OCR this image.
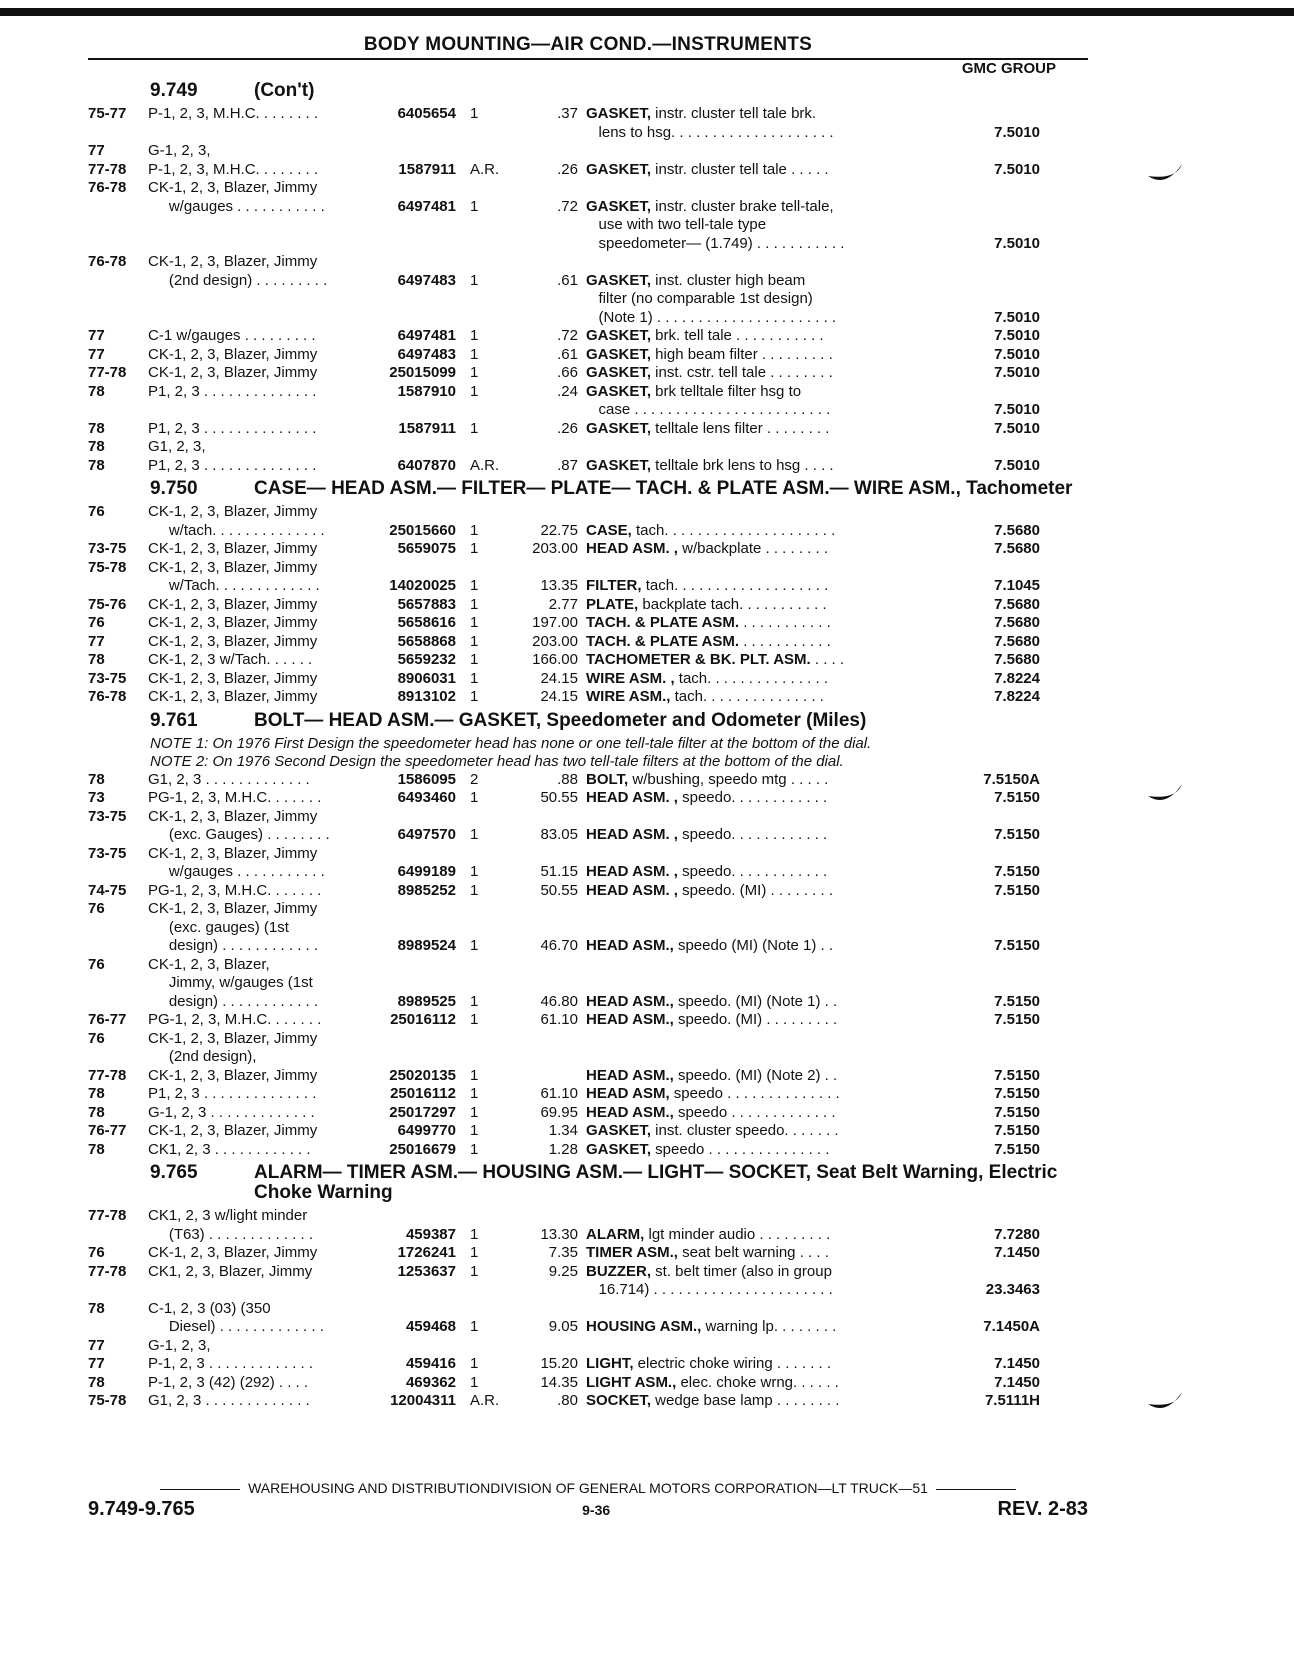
BODY MOUNTING—AIR COND.—INSTRUMENTS
GMC GROUP
9.749	(Con't)
75-77	P-1, 2, 3, M.H.C. . . . . . . .	6405654 1	.37 GASKET, instr. cluster tell tale brk.
lens to hsg. . . . . . . . . . . . . . . . . . . .	7.5010
77	G-1, 2, 3,
77-78	P-1, 2, 3, M.H.C. . . . . . . .	1587911 A.R.	.26 GASKET, instr. cluster tell tale . . . . .	7.5010
76-78	CK-1, 2, 3, Blazer, Jimmy
w/gauges . . . . . . . . . . .	6497481 1	.72 GASKET, instr. cluster brake tell-tale,
use with two tell-tale type
speedometer— (1.749) . . . . . . . . . . .	7.5010
76-78	CK-1, 2, 3, Blazer, Jimmy
(2nd design) . . . . . . . . .	6497483 1	.61 GASKET, inst. cluster high beam
filter (no comparable 1st design)
(Note 1) . . . . . . . . . . . . . . . . . . . . . .	7.5010
77	C-1 w/gauges . . . . . . . . .	6497481 1	.72 GASKET, brk. tell tale . . . . . . . . . . .	7.5010
77	CK-1, 2, 3, Blazer, Jimmy	6497483 1	.61 GASKET, high beam filter . . . . . . . . .	7.5010
77-78	CK-1, 2, 3, Blazer, Jimmy	25015099 1	.66 GASKET, inst. cstr. tell tale . . . . . . . .	7.5010
78	P1, 2, 3 . . . . . . . . . . . . . .	1587910 1	.24 GASKET, brk telltale filter hsg to
case . . . . . . . . . . . . . . . . . . . . . . . .	7.5010
78	P1, 2, 3 . . . . . . . . . . . . . .	1587911 1	.26 GASKET, telltale lens filter . . . . . . . .	7.5010
78	G1, 2, 3,
78	P1, 2, 3 . . . . . . . . . . . . . .	6407870 A.R.	.87 GASKET, telltale brk lens to hsg . . . .	7.5010
9.750	CASE— HEAD ASM.— FILTER— PLATE— TACH. & PLATE ASM.— WIRE ASM., Tachometer
76	CK-1, 2, 3, Blazer, Jimmy
w/tach. . . . . . . . . . . . . .	25015660 1	22.75 CASE, tach. . . . . . . . . . . . . . . . . . . . .	7.5680
73-75	CK-1, 2, 3, Blazer, Jimmy	5659075 1	203.00 HEAD ASM. , w/backplate . . . . . . . .	7.5680
75-78	CK-1, 2, 3, Blazer, Jimmy
w/Tach. . . . . . . . . . . . .	14020025 1	13.35 FILTER, tach. . . . . . . . . . . . . . . . . . .	7.1045
75-76	CK-1, 2, 3, Blazer, Jimmy	5657883 1	2.77 PLATE, backplate tach. . . . . . . . . . .	7.5680
76	CK-1, 2, 3, Blazer, Jimmy	5658616 1	197.00 TACH. & PLATE ASM. . . . . . . . . . . .	7.5680
77	CK-1, 2, 3, Blazer, Jimmy	5658868 1	203.00 TACH. & PLATE ASM. . . . . . . . . . . .	7.5680
78	CK-1, 2, 3 w/Tach. . . . . .	5659232 1	166.00 TACHOMETER & BK. PLT. ASM. . . . .	7.5680
73-75	CK-1, 2, 3, Blazer, Jimmy	8906031 1	24.15 WIRE ASM. , tach. . . . . . . . . . . . . . .	7.8224
76-78	CK-1, 2, 3, Blazer, Jimmy	8913102 1	24.15 WIRE ASM., tach. . . . . . . . . . . . . . .	7.8224
9.761	BOLT— HEAD ASM.— GASKET, Speedometer and Odometer (Miles)
NOTE 1: On 1976 First Design the speedometer head has none or one tell-tale filter at the bottom of the dial.
NOTE 2: On 1976 Second Design the speedometer head has two tell-tale filters at the bottom of the dial.
78	G1, 2, 3 . . . . . . . . . . . . .	1586095 2	.88 BOLT, w/bushing, speedo mtg . . . . .	7.5150A
73	PG-1, 2, 3, M.H.C. . . . . . .	6493460 1	50.55 HEAD ASM. , speedo. . . . . . . . . . . .	7.5150
73-75	CK-1, 2, 3, Blazer, Jimmy
(exc. Gauges) . . . . . . . .	6497570 1	83.05 HEAD ASM. , speedo. . . . . . . . . . . .	7.5150
73-75	CK-1, 2, 3, Blazer, Jimmy
w/gauges . . . . . . . . . . .	6499189 1	51.15 HEAD ASM. , speedo. . . . . . . . . . . .	7.5150
74-75	PG-1, 2, 3, M.H.C. . . . . . .	8985252 1	50.55 HEAD ASM. , speedo. (MI) . . . . . . . .	7.5150
76	CK-1, 2, 3, Blazer, Jimmy
(exc. gauges) (1st
design) . . . . . . . . . . . .	8989524 1	46.70 HEAD ASM., speedo (MI) (Note 1) . .	7.5150
76	CK-1, 2, 3, Blazer,
Jimmy, w/gauges (1st
design) . . . . . . . . . . . .	8989525 1	46.80 HEAD ASM., speedo. (MI) (Note 1) . .	7.5150
76-77	PG-1, 2, 3, M.H.C. . . . . . .	25016112 1	61.10 HEAD ASM., speedo. (MI) . . . . . . . . .	7.5150
76	CK-1, 2, 3, Blazer, Jimmy
(2nd design),
77-78	CK-1, 2, 3, Blazer, Jimmy	25020135 1	HEAD ASM., speedo. (MI) (Note 2) . .	7.5150
78	P1, 2, 3 . . . . . . . . . . . . . .	25016112 1	61.10 HEAD ASM, speedo . . . . . . . . . . . . . .	7.5150
78	G-1, 2, 3 . . . . . . . . . . . . .	25017297 1	69.95 HEAD ASM., speedo . . . . . . . . . . . . .	7.5150
76-77	CK-1, 2, 3, Blazer, Jimmy	6499770 1	1.34 GASKET, inst. cluster speedo. . . . . . .	7.5150
78	CK1, 2, 3 . . . . . . . . . . . .	25016679 1	1.28 GASKET, speedo . . . . . . . . . . . . . . .	7.5150
9.765	ALARM— TIMER ASM.— HOUSING ASM.— LIGHT— SOCKET, Seat Belt Warning, Electric Choke Warning
77-78	CK1, 2, 3 w/light minder
(T63) . . . . . . . . . . . . .	459387 1	13.30 ALARM, lgt minder audio . . . . . . . . .	7.7280
76	CK-1, 2, 3, Blazer, Jimmy	1726241 1	7.35 TIMER ASM., seat belt warning . . . .	7.1450
77-78	CK1, 2, 3, Blazer, Jimmy	1253637 1	9.25 BUZZER, st. belt timer (also in group
16.714) . . . . . . . . . . . . . . . . . . . . . .	23.3463
78	C-1, 2, 3 (03) (350
Diesel) . . . . . . . . . . . . .	459468 1	9.05 HOUSING ASM., warning lp. . . . . . . .	7.1450A
77	G-1, 2, 3,
77	P-1, 2, 3 . . . . . . . . . . . . .	459416 1	15.20 LIGHT, electric choke wiring . . . . . . .	7.1450
78	P-1, 2, 3 (42) (292) . . . .	469362 1	14.35 LIGHT ASM., elec. choke wrng. . . . . .	7.1450
75-78	G1, 2, 3 . . . . . . . . . . . . .	12004311 A.R.	.80 SOCKET, wedge base lamp . . . . . . . .	7.5111H
WAREHOUSING AND DISTRIBUTIONDIVISION OF GENERAL MOTORS CORPORATION—LT TRUCK—51
9.749-9.765	9-36	REV. 2-83
